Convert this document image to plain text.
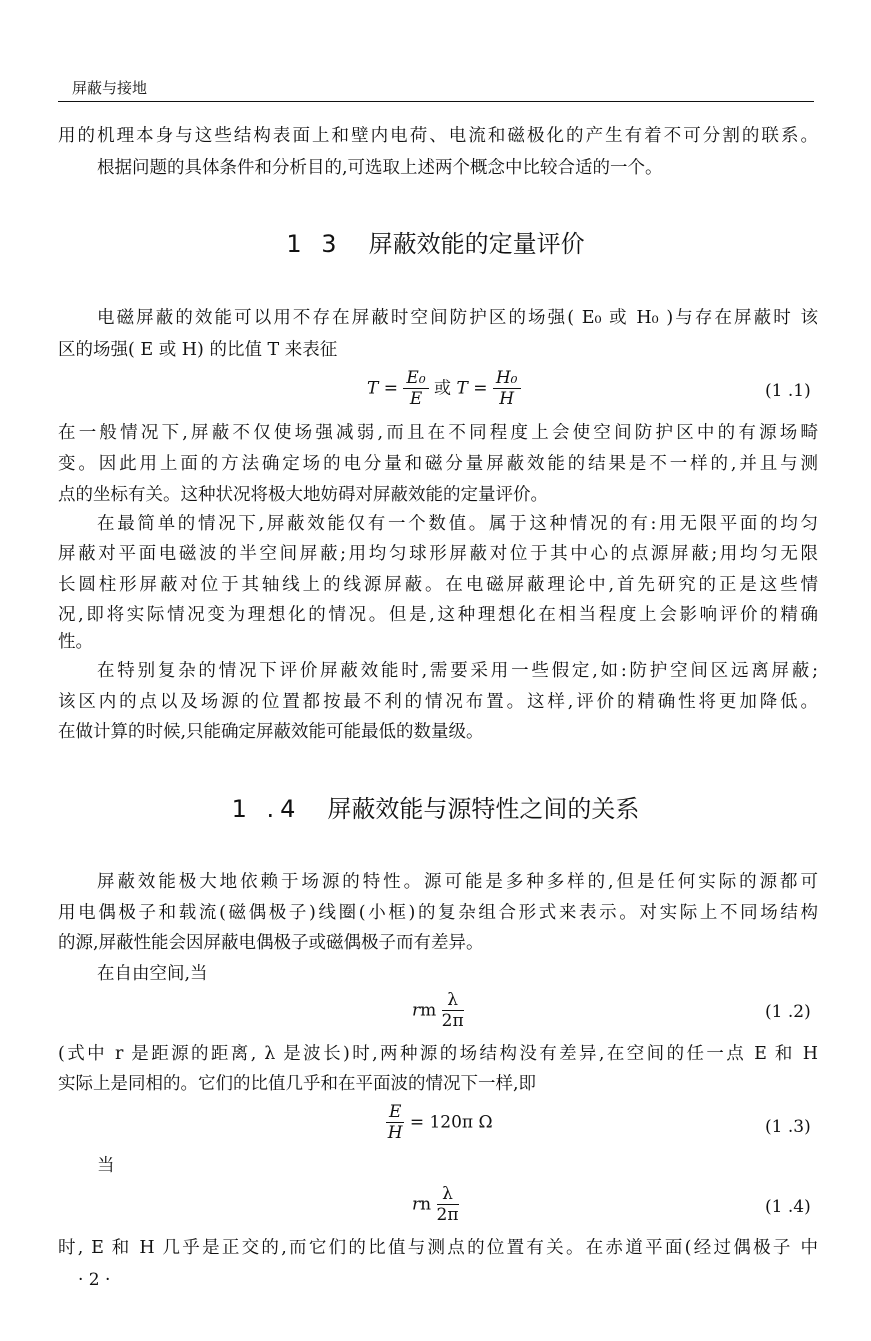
屏蔽与接地
用的机理本身与这些结构表面上和壁内电荷、电流和磁极化的产生有着不可分割的联系。
根据问题的具体条件和分析目的,可选取上述两个概念中比较合适的一个。
1 3 屏蔽效能的定量评价
电磁屏蔽的效能可以用不存在屏蔽时空间防护区的场强( E₀ 或 H₀ )与存在屏蔽时 该
区的场强( E 或 H) 的比值 T 来表征
$T = \frac{\text{E₀}}{E}$ 或 $T = \frac{\text{H₀}}{H}$	(1 .1)
在一般情况下,屏蔽不仅使场强减弱,而且在不同程度上会使空间防护区中的有源场畸
变。因此用上面的方法确定场的电分量和磁分量屏蔽效能的结果是不一样的,并且与测
点的坐标有关。这种状况将极大地妨碍对屏蔽效能的定量评价。
在最简单的情况下,屏蔽效能仅有一个数值。属于这种情况的有:用无限平面的均匀
屏蔽对平面电磁波的半空间屏蔽;用均匀球形屏蔽对位于其中心的点源屏蔽;用均匀无限
长圆柱形屏蔽对位于其轴线上的线源屏蔽。在电磁屏蔽理论中,首先研究的正是这些情
况,即将实际情况变为理想化的情况。但是,这种理想化在相当程度上会影响评价的精确
性。
在特别复杂的情况下评价屏蔽效能时,需要采用一些假定,如:防护空间区远离屏蔽;
该区内的点以及场源的位置都按最不利的情况布置。这样,评价的精确性将更加降低。
在做计算的时候,只能确定屏蔽效能可能最低的数量级。
1 .4 屏蔽效能与源特性之间的关系
屏蔽效能极大地依赖于场源的特性。源可能是多种多样的,但是任何实际的源都可
用电偶极子和载流(磁偶极子)线圈(小框)的复杂组合形式来表示。对实际上不同场结构
的源,屏蔽性能会因屏蔽电偶极子或磁偶极子而有差异。
在自由空间,当
rm $\frac{\lambda}{2\pi}$	(1 .2)
(式中 r 是距源的距离, λ 是波长)时,两种源的场结构没有差异,在空间的任一点 E 和 H
实际上是同相的。它们的比值几乎和在平面波的情况下一样,即
$\frac{E}{H} = 120\pi$ Ω	(1 .3)
当
rn $\frac{\lambda}{2\pi}$	(1 .4)
时, E 和 H 几乎是正交的,而它们的比值与测点的位置有关。在赤道平面(经过偶极子 中
· 2 ·
